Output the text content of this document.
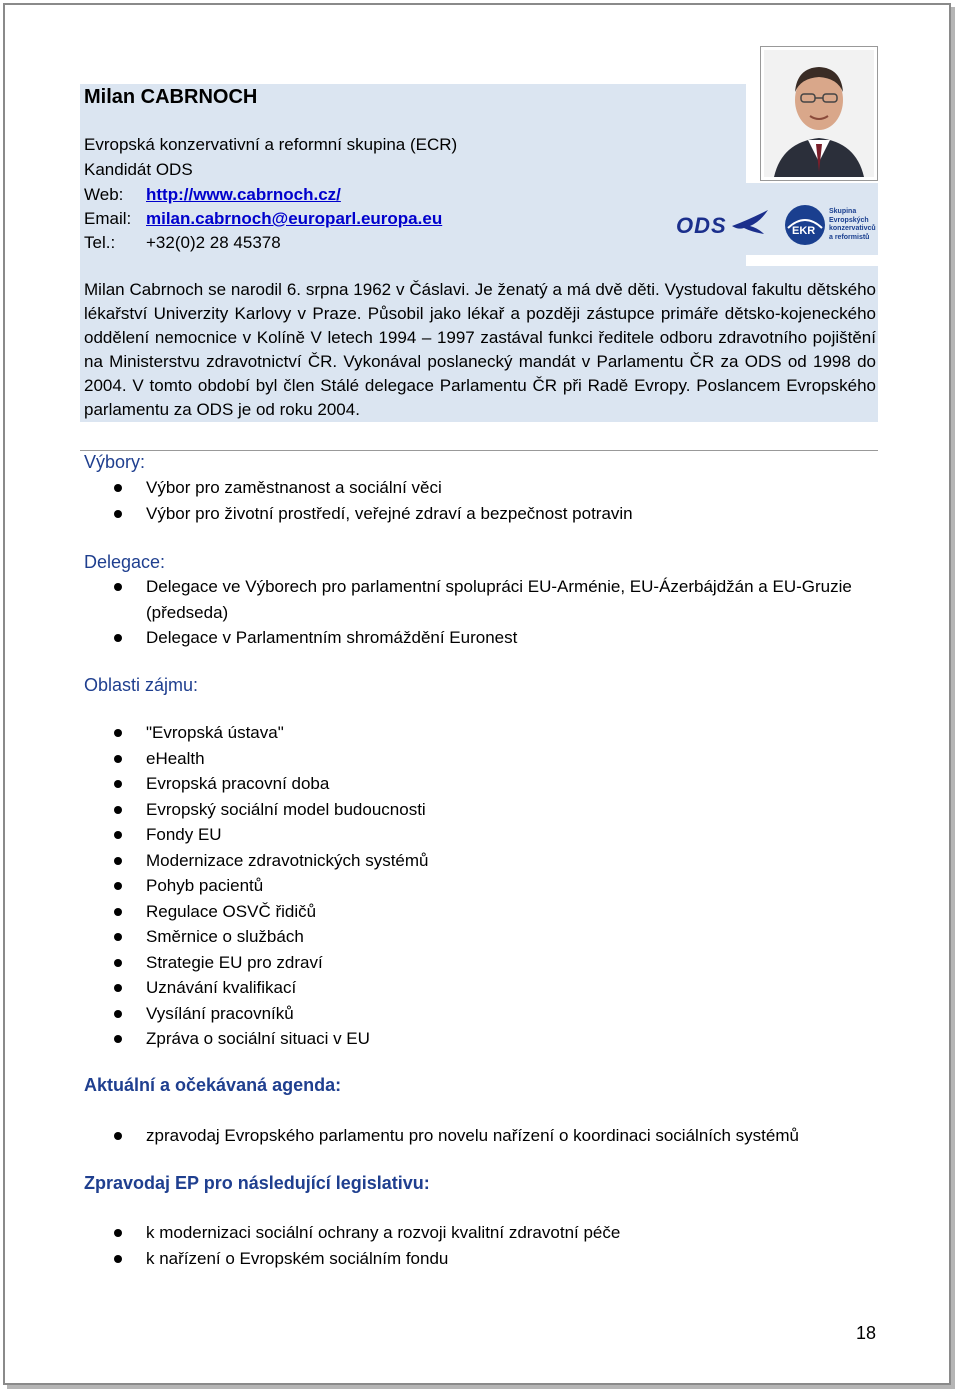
Milan CABRNOCH
Evropská konzervativní a reformní skupina (ECR)
Kandidát ODS
Web: http://www.cabrnoch.cz/
Email: milan.cabrnoch@europarl.europa.eu
Tel.: +32(0)2 28 45378
ODS	EKR
Skupina
Evropských
konzervativců
a reformistů
Milan Cabrnoch se narodil 6. srpna 1962 v Čáslavi. Je ženatý a má dvě děti. Vystudoval fakultu dětského lékařství Univerzity Karlovy v Praze. Působil jako lékař a později zástupce primáře dětsko-kojeneckého oddělení nemocnice v Kolíně V letech 1994 – 1997 zastával funkci ředitele odboru zdravotního pojištění na Ministerstvu zdravotnictví ČR. Vykonával poslanecký mandát v Parlamentu ČR za ODS od 1998 do 2004. V tomto období byl člen Stálé delegace Parlamentu ČR při Radě Evropy. Poslancem Evropského parlamentu za ODS je od roku 2004.
Výbory:
Výbor pro zaměstnanost a sociální věci
Výbor pro životní prostředí, veřejné zdraví a bezpečnost potravin
Delegace:
Delegace ve Výborech pro parlamentní spolupráci EU-Arménie, EU-Ázerbájdžán a EU-Gruzie (předseda)
Delegace v Parlamentním shromáždění Euronest
Oblasti zájmu:
"Evropská ústava"
eHealth
Evropská pracovní doba
Evropský sociální model budoucnosti
Fondy EU
Modernizace zdravotnických systémů
Pohyb pacientů
Regulace OSVČ řidičů
Směrnice o službách
Strategie EU pro zdraví
Uznávání kvalifikací
Vysílání pracovníků
Zpráva o sociální situaci v EU
Aktuální a očekávaná agenda:
zpravodaj Evropského parlamentu pro novelu nařízení o koordinaci sociálních systémů
Zpravodaj EP pro následující legislativu:
k modernizaci sociální ochrany a rozvoji kvalitní zdravotní péče
k nařízení o Evropském sociálním fondu
18
